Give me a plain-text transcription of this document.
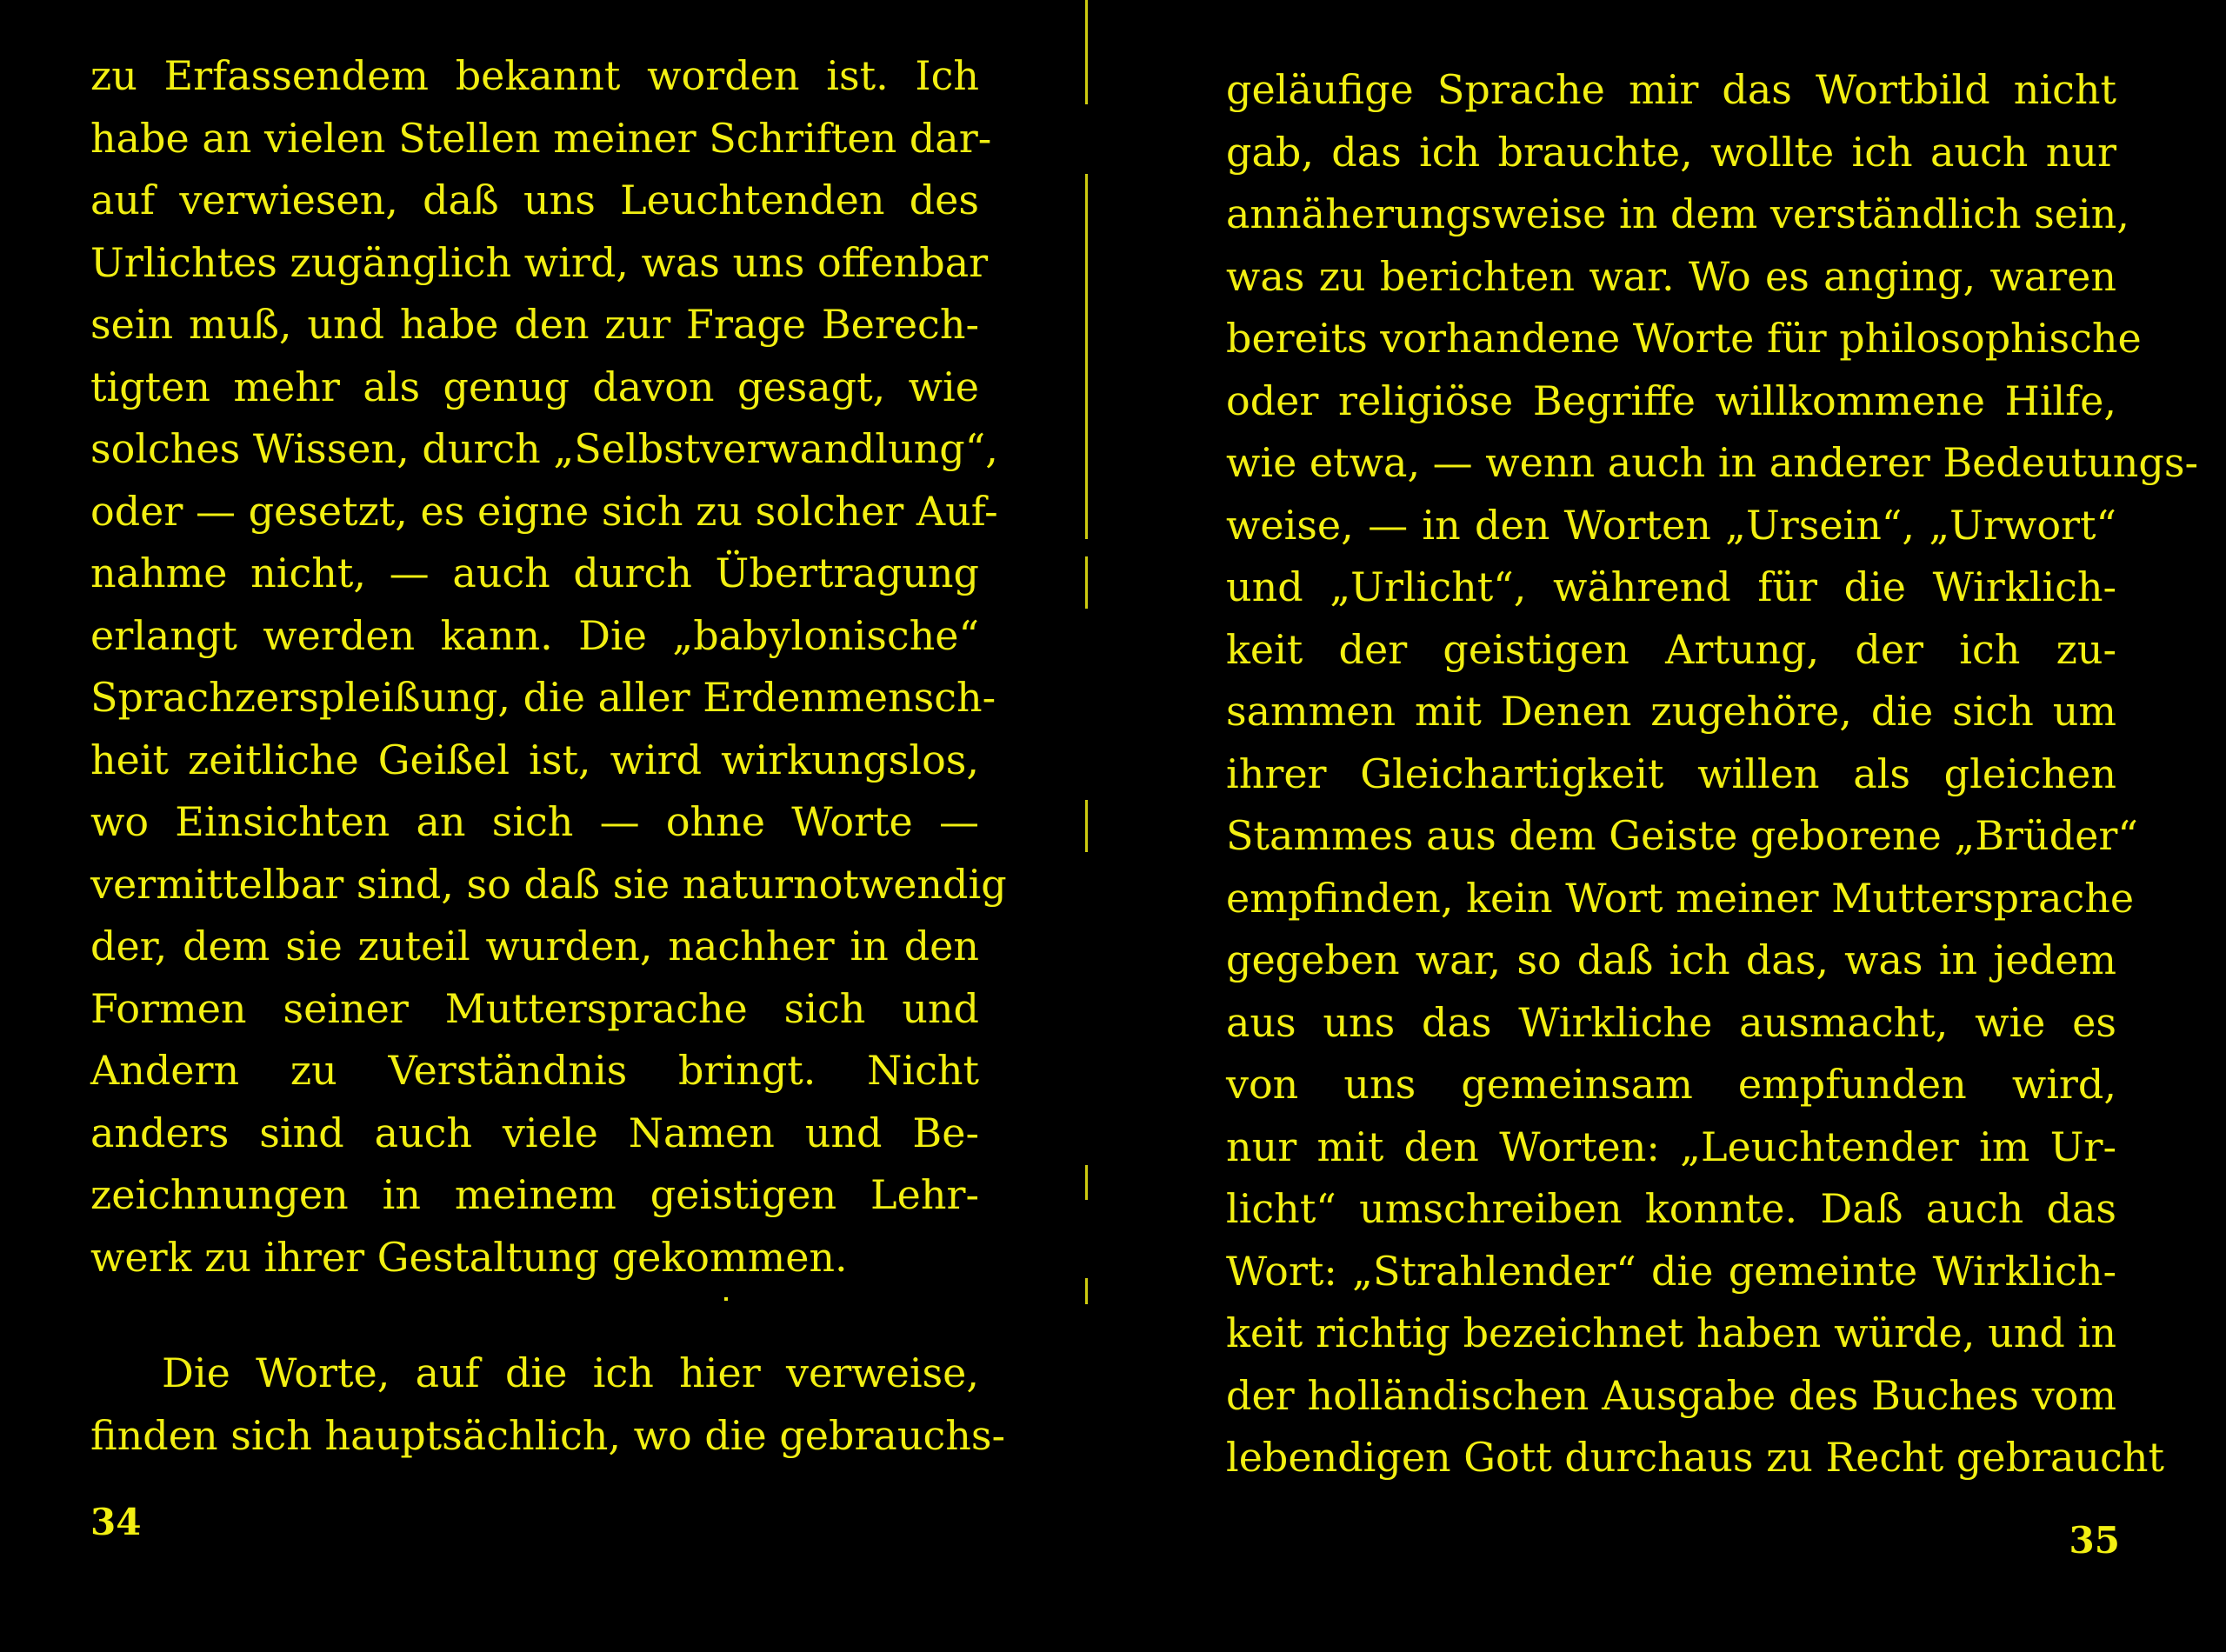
zu Erfassendem bekannt worden ist. Ich
habe an vielen Stellen meiner Schriften dar-
auf verwiesen, daß uns Leuchtenden des
Urlichtes zugänglich wird, was uns offenbar
sein muß, und habe den zur Frage Berech-
tigten mehr als genug davon gesagt, wie
solches Wissen, durch „Selbstverwandlung“,
oder — gesetzt, es eigne sich zu solcher Auf-
nahme nicht, — auch durch Übertragung
erlangt werden kann. Die „babylonische“
Sprachzerspleißung, die aller Erdenmensch-
heit zeitliche Geißel ist, wird wirkungslos,
wo Einsichten an sich — ohne Worte —
vermittelbar sind, so daß sie naturnotwendig
der, dem sie zuteil wurden, nachher in den
Formen seiner Muttersprache sich und
Andern zu Verständnis bringt. Nicht
anders sind auch viele Namen und Be-
zeichnungen in meinem geistigen Lehr-
werk zu ihrer Gestaltung gekommen.
Die Worte, auf die ich hier verweise,
finden sich hauptsächlich, wo die gebrauchs-
34
geläufige Sprache mir das Wortbild nicht
gab, das ich brauchte, wollte ich auch nur
annäherungsweise in dem verständlich sein,
was zu berichten war. Wo es anging, waren
bereits vorhandene Worte für philosophische
oder religiöse Begriffe willkommene Hilfe,
wie etwa, — wenn auch in anderer Bedeutungs-
weise, — in den Worten „Ursein“, „Urwort“
und „Urlicht“, während für die Wirklich-
keit der geistigen Artung, der ich zu-
sammen mit Denen zugehöre, die sich um
ihrer Gleichartigkeit willen als gleichen
Stammes aus dem Geiste geborene „Brüder“
empfinden, kein Wort meiner Muttersprache
gegeben war, so daß ich das, was in jedem
aus uns das Wirkliche ausmacht, wie es
von uns gemeinsam empfunden wird,
nur mit den Worten: „Leuchtender im Ur-
licht“ umschreiben konnte. Daß auch das
Wort: „Strahlender“ die gemeinte Wirklich-
keit richtig bezeichnet haben würde, und in
der holländischen Ausgabe des Buches vom
lebendigen Gott durchaus zu Recht gebraucht
35
